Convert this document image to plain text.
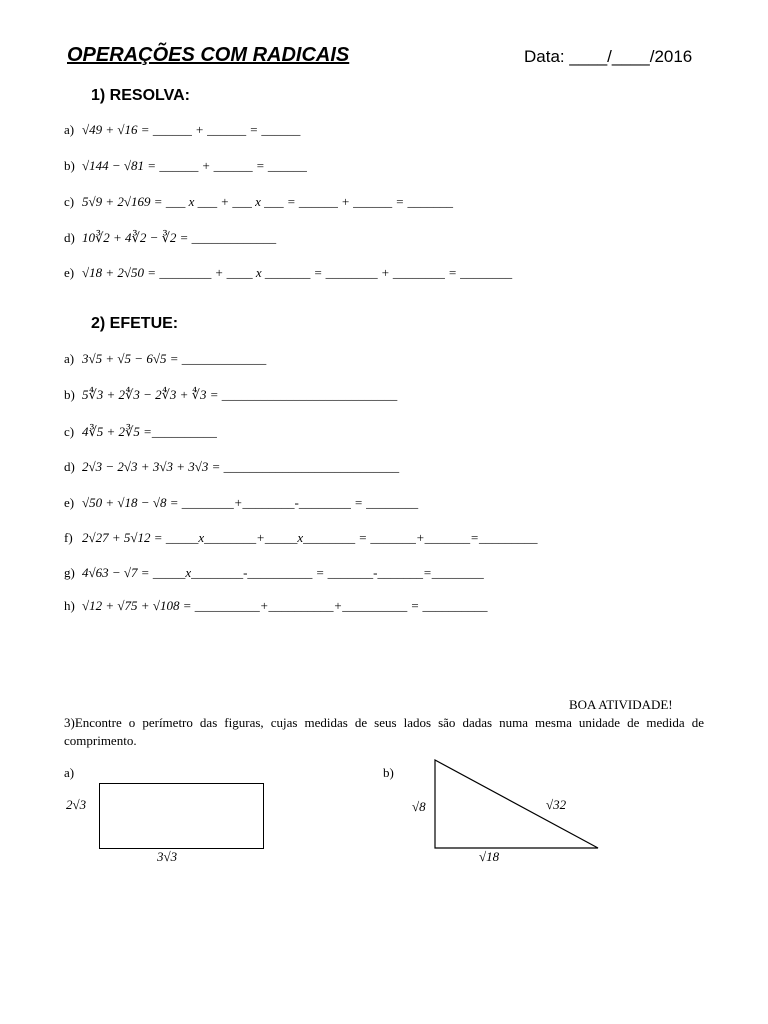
OPERAÇÕES COM RADICAIS	Data: ____/____/2016
1) RESOLVA:
a) √49 + √16 = ______ + ______ = ______
b) √144 − √81 = ______ + ______ = ______
c) 5√9 + 2√169 = ___ x ___ + ___ x ___ = ______ + ______ = _______
d) 10∛2 + 4∛2 − ∛2 = _____________
e) √18 + 2√50 = ________ + ____ x _______ = ________ + ________ = ________
2) EFETUE:
a) 3√5 + √5 − 6√5 = _____________
b) 5∜3 + 2∜3 − 2∜3 + ∜3 = ___________________________
c) 4∛5 + 2∛5 =__________
d) 2√3 − 2√3 + 3√3 + 3√3 = ___________________________
e) √50 + √18 − √8 = ________+________-________ = ________
f) 2√27 + 5√12 = _____x________+_____x________ = _______+_______=_________
g) 4√63 − √7 = _____x________-__________ = _______-_______=________
h) √12 + √75 + √108 = __________+__________+__________ = __________
BOA ATIVIDADE!
3)Encontre o perímetro das figuras, cujas medidas de seus lados são dadas numa mesma unidade de medida de comprimento.
a)
2√3
3√3
b)
√8	√32
√18
